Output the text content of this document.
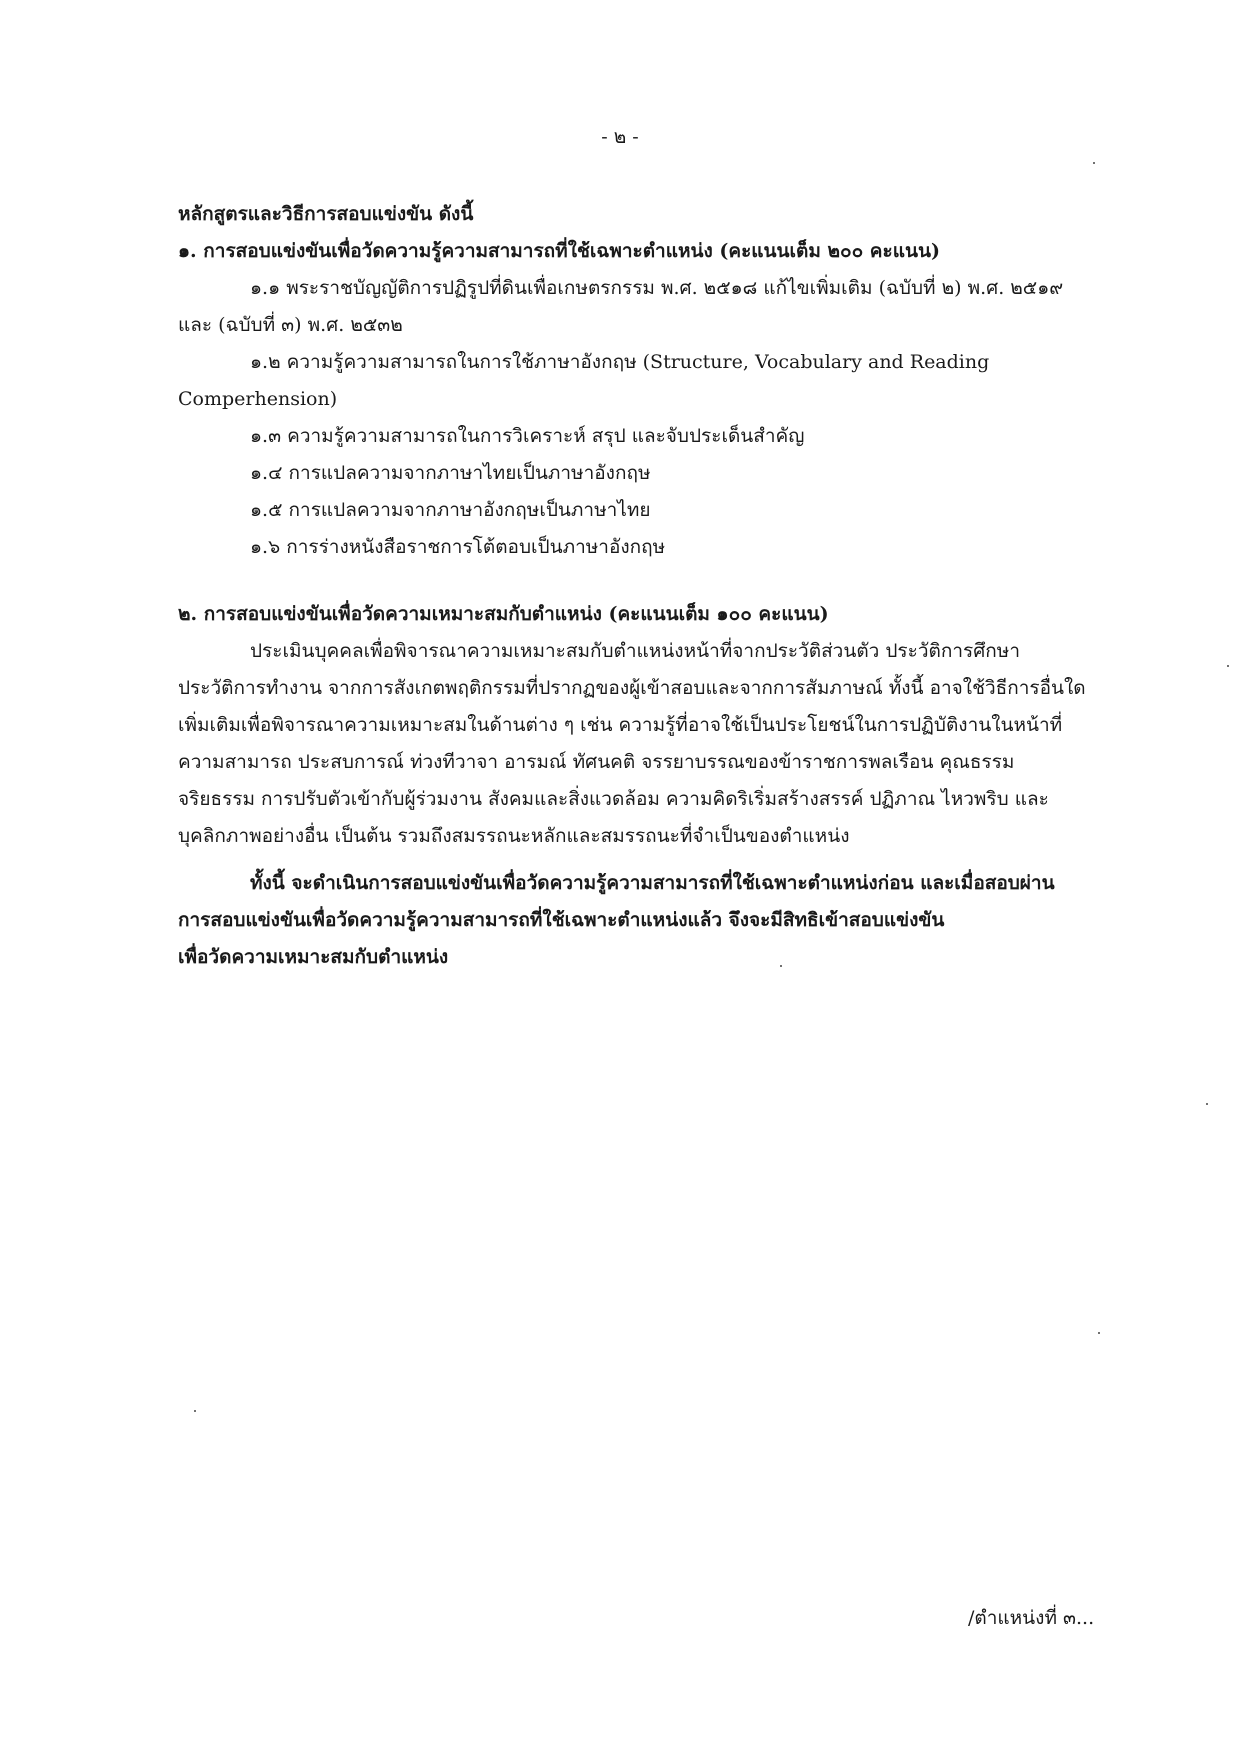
- ๒ -
หลักสูตรและวิธีการสอบแข่งขัน ดังนี้
๑. การสอบแข่งขันเพื่อวัดความรู้ความสามารถที่ใช้เฉพาะตำแหน่ง (คะแนนเต็ม ๒๐๐ คะแนน)
๑.๑ พระราชบัญญัติการปฏิรูปที่ดินเพื่อเกษตรกรรม พ.ศ. ๒๕๑๘ แก้ไขเพิ่มเติม (ฉบับที่ ๒) พ.ศ. ๒๕๑๙
และ (ฉบับที่ ๓) พ.ศ. ๒๕๓๒
๑.๒ ความรู้ความสามารถในการใช้ภาษาอังกฤษ (Structure, Vocabulary and Reading
Comperhension)
๑.๓ ความรู้ความสามารถในการวิเคราะห์ สรุป และจับประเด็นสำคัญ
๑.๔ การแปลความจากภาษาไทยเป็นภาษาอังกฤษ
๑.๕ การแปลความจากภาษาอังกฤษเป็นภาษาไทย
๑.๖ การร่างหนังสือราชการโต้ตอบเป็นภาษาอังกฤษ
๒. การสอบแข่งขันเพื่อวัดความเหมาะสมกับตำแหน่ง (คะแนนเต็ม ๑๐๐ คะแนน)
ประเมินบุคคลเพื่อพิจารณาความเหมาะสมกับตำแหน่งหน้าที่จากประวัติส่วนตัว ประวัติการศึกษา
ประวัติการทำงาน จากการสังเกตพฤติกรรมที่ปรากฏของผู้เข้าสอบและจากการสัมภาษณ์ ทั้งนี้ อาจใช้วิธีการอื่นใด
เพิ่มเติมเพื่อพิจารณาความเหมาะสมในด้านต่าง ๆ เช่น ความรู้ที่อาจใช้เป็นประโยชน์ในการปฏิบัติงานในหน้าที่
ความสามารถ ประสบการณ์ ท่วงทีวาจา อารมณ์ ทัศนคติ จรรยาบรรณของข้าราชการพลเรือน คุณธรรม
จริยธรรม การปรับตัวเข้ากับผู้ร่วมงาน สังคมและสิ่งแวดล้อม ความคิดริเริ่มสร้างสรรค์ ปฏิภาณ ไหวพริบ และ
บุคลิกภาพอย่างอื่น เป็นต้น รวมถึงสมรรถนะหลักและสมรรถนะที่จำเป็นของตำแหน่ง
ทั้งนี้ จะดำเนินการสอบแข่งขันเพื่อวัดความรู้ความสามารถที่ใช้เฉพาะตำแหน่งก่อน และเมื่อสอบผ่าน
การสอบแข่งขันเพื่อวัดความรู้ความสามารถที่ใช้เฉพาะตำแหน่งแล้ว จึงจะมีสิทธิเข้าสอบแข่งขัน
เพื่อวัดความเหมาะสมกับตำแหน่ง
/ตำแหน่งที่ ๓...
